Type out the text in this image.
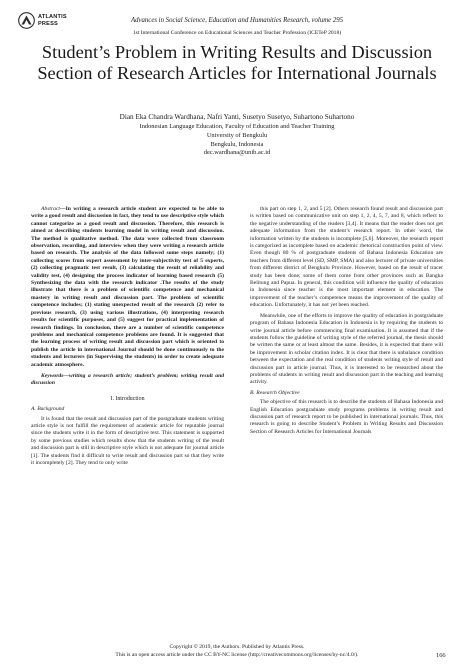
ATLANTIS
PRESS	Advances in Social Science, Education and Humanities Research, volume 295
1st International Conference on Educational Sciences and Teacher Profession (ICETeP 2018)
Student’s Problem in Writing Results and Discussion Section of Research Articles for International Journals
Dian Eka Chandra Wardhana, Nafri Yanti, Susetyo Susetyo, Suhartono Suhartono
Indonesian Language Education, Faculty of Education and Teacher Training
University of Bengkulu
Bengkulu, Indonesia
dec.wardhana@unib.ac.id

Abstract—In writing a research article student are expected to be able to write a good result and discussion in fact, they tend to use descriptive style which cannot categorize as a good result and discussion. Therefore, this research is aimed at describing students learning model in writing result and discussion. The method is qualitative method. The data were collected from classroom observation, recording, and interview when they were writing a research article based on research. The analysis of the data followed some steps namely; (1) collecting scores from expert assessment by inter-subjectivity test of 5 experts, (2) collecting pragmatic test result, (3) calculating the result of reliability and validity test, (4) designing the process indicator of learning based research (5) Synthesizing the data with the research indicator .The results of the study illustrate that there is a problem of scientific competence and mechanical mastery in writing result and discussion part. The problem of scientific competence includes; (1) stating unexpected result of the research (2) refer to previous research, (3) using various illustrations, (4) interpreting research results for scientific purposes, and (5) suggest for practical implementation of research findings. In conclusion, there are a number of scientific competence problems and mechanical competence problems are found. It is suggested that the learning process of writing result and discussion part which is oriented to publish the article in international Journal should be done continuously to the students and lecturers (in Supervising the students) in order to create adequate academic atmosphere.

Keywords—writing a research article; student’s problem; writing result and discussion

I. Introduction

A. Background

It is found that the result and discussion part of the postgraduate students writing article style is not fulfill the requirement of academic article for reputable journal since the students write it in the form of descriptive text. This statement is supported by some previous studies which results show that the students writing of the result and discussion part is still in descriptive style which is not adequate for journal article [1]. The students find it difficult to write result and discussion part so that they write it incompletely [2]. They tend to only write

this part on step 1, 2, and 5 [2]. Others research found result and discussion part is written based on communicative unit on step 1, 2, 4, 5, 7, and 8, which reflect to the negative understanding of the readers [3,4]. It means that the reader does not get adequate information from the student’s research report. In other word, the information written by the students is incomplete [5,6]. Moreover, the research report is categorized as incomplete based on academic rhetorical construction point of view. Even though 80 % of postgraduate students of Bahasa Indonesia Education are teachers from different level (SD, SMP, SMA) and also lecturer of private universities from different district of Bengkulu Province. However, based on the result of tracer study has been done; some of them come from other provinces such as Bangka Belitung and Papua. In general, this condition will influence the quality of education in Indonesia since teacher is the most important element in education. The improvement of the teacher’s competence means the improvement of the quality of education. Unfortunately, it has not yet been reached.

Meanwhile, one of the efforts to improve the quality of education in postgraduate program of Bahasa Indonesia Education in Indonesia is by requiring the students to write journal article before commencing final examination. It is assumed that if the students follow the guideline of writing style of the referred journal, the thesis should be written the same or at least almost the same. Besides, it is expected that there will be improvement in scholar citation index. It is clear that there is unbalance condition between the expectation and the real condition of students writing style of result and discussion part in article journal. Thus, it is interested to be researched about the problems of students in writing result and discussion part in the teaching and learning activity.

B. Research Objective

The objective of this research is to describe the students of Bahasa Indonesia and English Education postgraduate study programs problems in writing result and discussion part of research report to be published in international journals. Thus, this research is going to describe Student’s Problem in Writing Results and Discussion Section of Research Articles for International Journals

Copyright © 2019, the Authors. Published by Atlantis Press.
This is an open access article under the CC BY-NC license (http://creativecommons.org/licenses/by-nc/4.0/).	166
